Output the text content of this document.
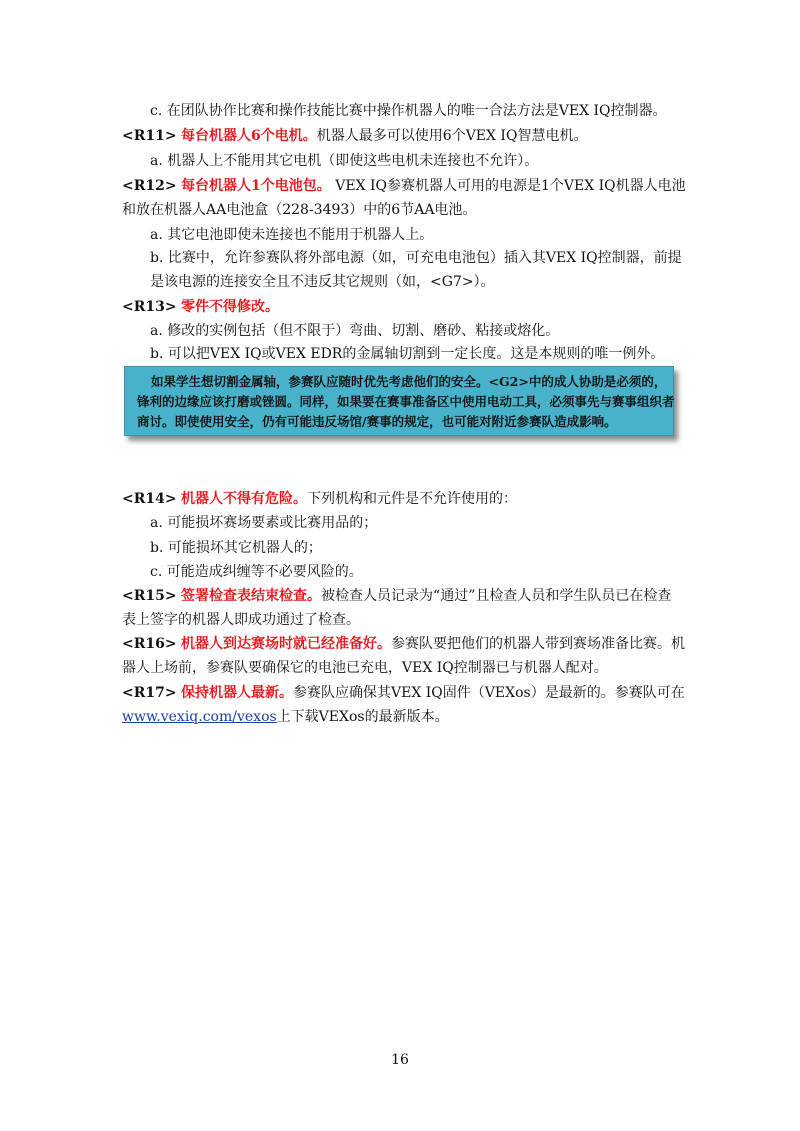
c. 在团队协作比赛和操作技能比赛中操作机器人的唯一合法方法是VEX IQ控制器。
<R11> 每台机器人6个电机。机器人最多可以使用6个VEX IQ智慧电机。
a. 机器人上不能用其它电机（即使这些电机未连接也不允许）。
<R12> 每台机器人1个电池包。 VEX IQ参赛机器人可用的电源是1个VEX IQ机器人电池
和放在机器人AA电池盒（228-3493）中的6节AA电池。
a. 其它电池即使未连接也不能用于机器人上。
b. 比赛中，允许参赛队将外部电源（如，可充电电池包）插入其VEX IQ控制器，前提
是该电源的连接安全且不违反其它规则（如，<G7>）。
<R13> 零件不得修改。
a. 修改的实例包括（但不限于）弯曲、切割、磨砂、粘接或熔化。
b. 可以把VEX IQ或VEX EDR的金属轴切割到一定长度。这是本规则的唯一例外。
如果学生想切割金属轴，参赛队应随时优先考虑他们的安全。<G2>中的成人协助是必须的，
锋利的边缘应该打磨或锉圆。同样，如果要在赛事准备区中使用电动工具，必须事先与赛事组织者
商讨。即使使用安全，仍有可能违反场馆/赛事的规定，也可能对附近参赛队造成影响。
<R14> 机器人不得有危险。下列机构和元件是不允许使用的：
a. 可能损坏赛场要素或比赛用品的；
b. 可能损坏其它机器人的；
c. 可能造成纠缠等不必要风险的。
<R15> 签署检查表结束检查。被检查人员记录为“通过”且检查人员和学生队员已在检查
表上签字的机器人即成功通过了检查。
<R16> 机器人到达赛场时就已经准备好。参赛队要把他们的机器人带到赛场准备比赛。机
器人上场前，参赛队要确保它的电池已充电，VEX IQ控制器已与机器人配对。
<R17> 保持机器人最新。参赛队应确保其VEX IQ固件（VEXos）是最新的。参赛队可在
www.vexiq.com/vexos上下载VEXos的最新版本。
16
